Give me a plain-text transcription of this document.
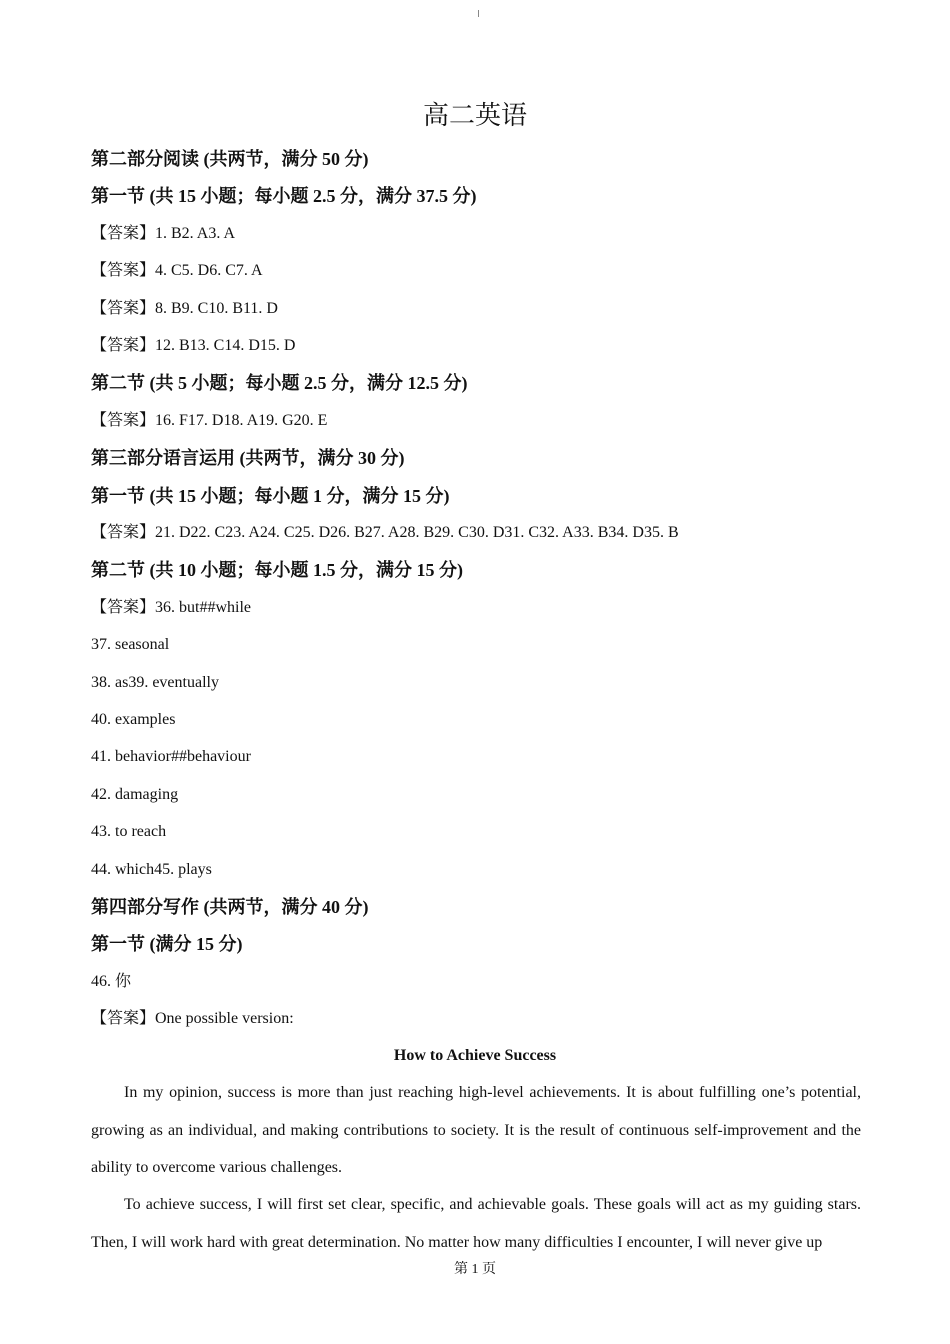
高二英语
第二部分阅读 (共两节，满分 50 分)
第一节 (共 15 小题；每小题 2.5 分，满分 37.5 分)
【答案】1. B2. A3. A
【答案】4. C5. D6. C7. A
【答案】8. B9. C10. B11. D
【答案】12. B13. C14. D15. D
第二节 (共 5 小题；每小题 2.5 分，满分 12.5 分)
【答案】16. F17. D18. A19. G20. E
第三部分语言运用 (共两节，满分 30 分)
第一节 (共 15 小题；每小题 1 分，满分 15 分)
【答案】21. D22. C23. A24. C25. D26. B27. A28. B29. C30. D31. C32. A33. B34. D35. B
第二节 (共 10 小题；每小题 1.5 分，满分 15 分)
【答案】36. but##while
37. seasonal
38. as39. eventually
40. examples
41. behavior##behaviour
42. damaging
43. to reach
44. which45. plays
第四部分写作 (共两节，满分 40 分)
第一节 (满分 15 分)
46. 你
【答案】One possible version:
How to Achieve Success
In my opinion, success is more than just reaching high-level achievements. It is about fulfilling one’s potential, growing as an individual, and making contributions to society. It is the result of continuous self-improvement and the ability to overcome various challenges.
To achieve success, I will first set clear, specific, and achievable goals. These goals will act as my guiding stars. Then, I will work hard with great determination. No matter how many difficulties I encounter, I will never give up
第 1 页
